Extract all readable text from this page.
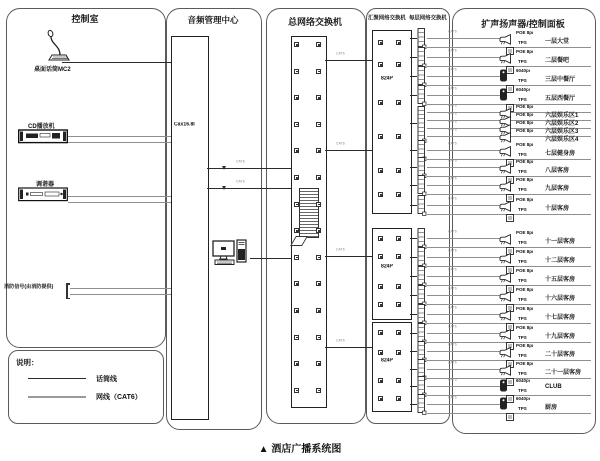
控制室	音频管理中心	总网络交换机	汇聚网络交换机 每层网络交换机
扩声扬声器/控制面板
桌面话筒MC2
CD播放机
调谐器
消防信号(由消防提供)
Cax16.8I
说明：
话筒线
网线（CAT6）
▲ 酒店广播系统图
CAT6
CAT6
CAT6
CAT6
CAT6
CAT6
824P
824P
824P
CAT6	POE 8pi
TPS	一层大堂
CAT6	POE 8pi
TPS	二层餐吧
CAT6	6040pi
TPS	三层中餐厅
CAT6	6040pi
TPS	五层西餐厅
CAT6	POE 8pi
六层娱乐区1
CAT6	POE 8pi
六层娱乐区2
CAT6	POE 8pi
六层娱乐区3
CAT6	POE 8pi
六层娱乐区4
CAT6	POE 8pi
TPS	七层健身房
CAT6	POE 8pi
TPS	八层客房
CAT6	POE 8pi
TPS	九层客房
CAT6	POE 8pi
TPS	十层客房
CAT6	POE 8pi
TPS	十一层客房
CAT6	POE 8pi
TPS	十二层客房
CAT6	POE 8pi
TPS	十五层客房
CAT6	POE 8pi
TPS	十六层客房
CAT6	POE 8pi
TPS	十七层客房
CAT6	POE 8pi
TPS	十九层客房
CAT6	POE 8pi
TPS	二十层客房
CAT6	POE 8pi
TPS	二十一层客房
CAT6	6040pi
TPS
CLUB
CAT6	6040pi
TPS	厨房
